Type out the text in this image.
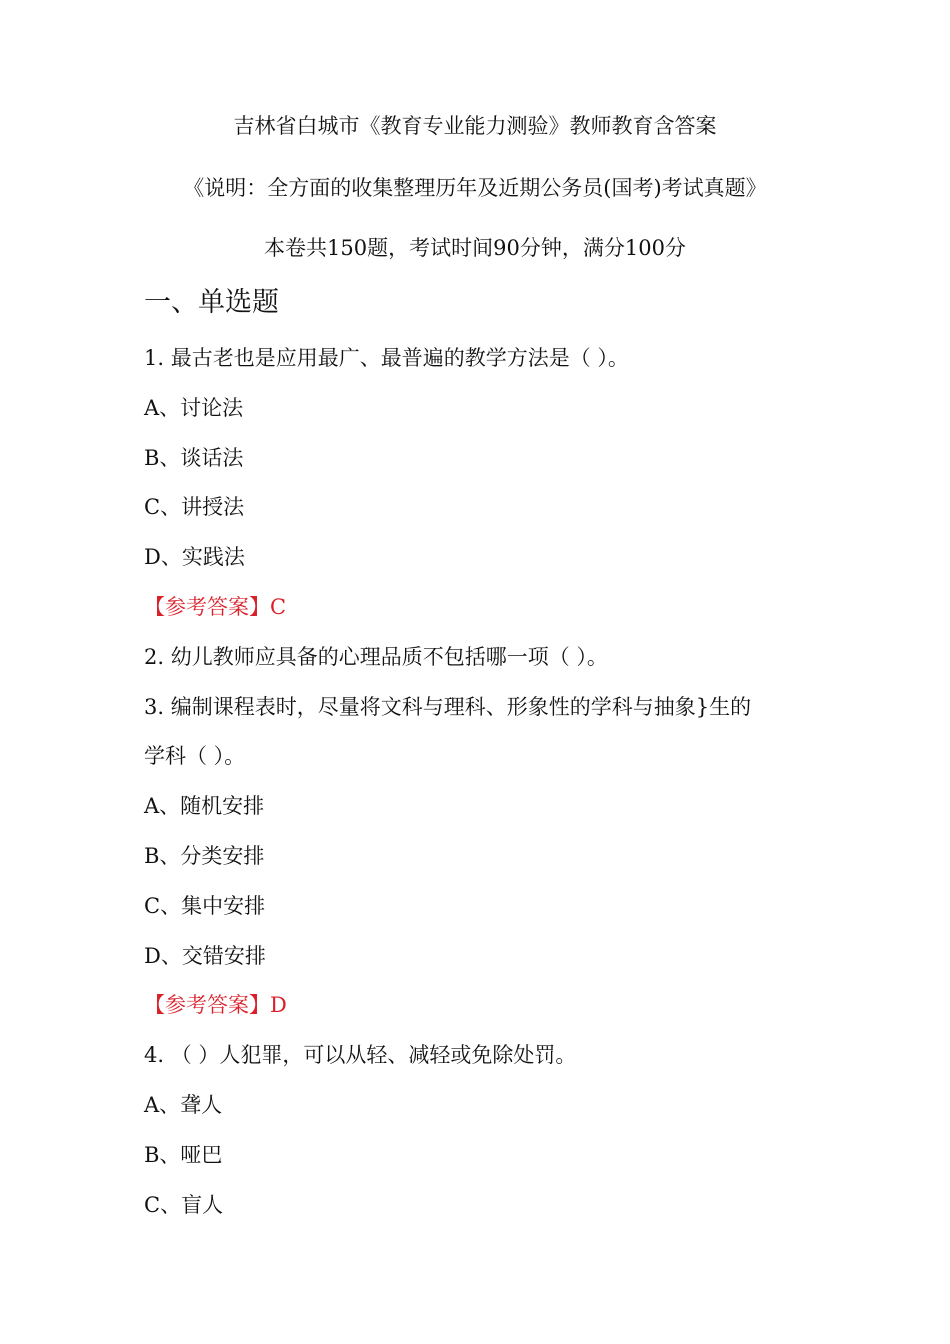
吉林省白城市《教育专业能力测验》教师教育含答案
《说明：全方面的收集整理历年及近期公务员(国考)考试真题》
本卷共150题，考试时间90分钟，满分100分
一、单选题
1. 最古老也是应用最广、最普遍的教学方法是（ ）。
A、讨论法
B、谈话法
C、讲授法
D、实践法
【参考答案】C
2. 幼儿教师应具备的心理品质不包括哪一项（ ）。
3. 编制课程表时，尽量将文科与理科、形象性的学科与抽象}生的
学科（ ）。
A、随机安排
B、分类安排
C、集中安排
D、交错安排
【参考答案】D
4. （ ）人犯罪，可以从轻、减轻或免除处罚。
A、聋人
B、哑巴
C、盲人
